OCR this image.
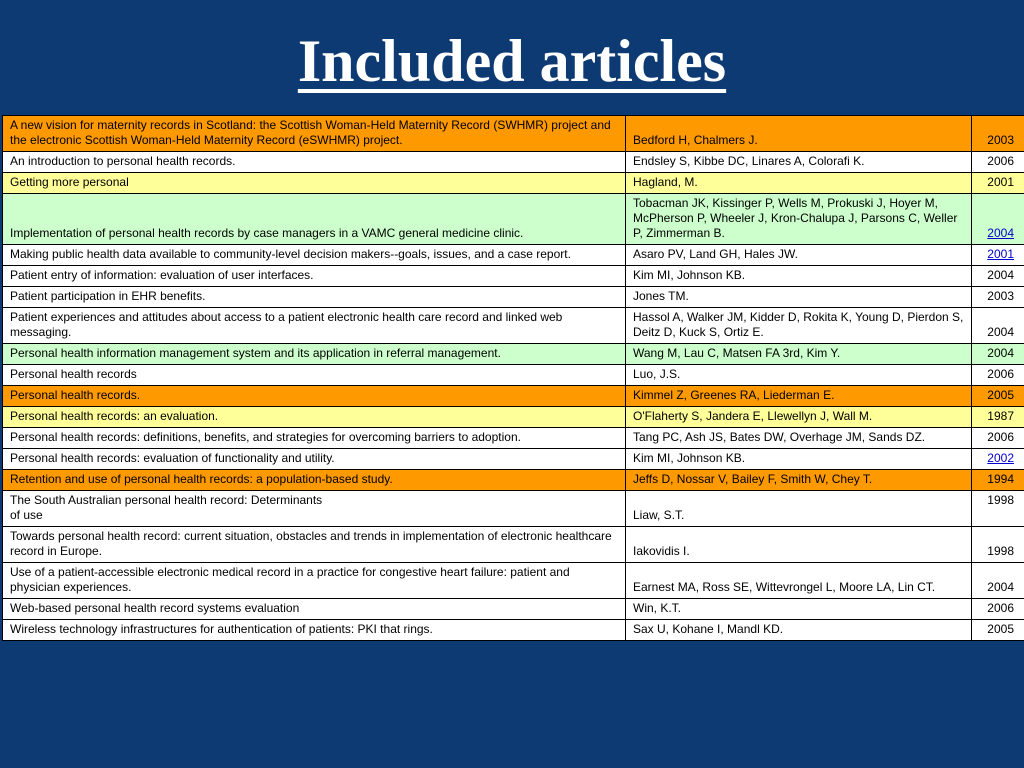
Included articles
A new vision for maternity records in Scotland: the Scottish Woman-Held Maternity Record (SWHMR) project and the electronic Scottish Woman-Held Maternity Record (eSWHMR) project.	Bedford H, Chalmers J.	2003
An introduction to personal health records.	Endsley S, Kibbe DC, Linares A, Colorafi K.	2006
Getting more personal	Hagland, M.	2001
Implementation of personal health records by case managers in a VAMC general medicine clinic.	Tobacman JK, Kissinger P, Wells M, Prokuski J, Hoyer M, McPherson P, Wheeler J, Kron-Chalupa J, Parsons C, Weller P, Zimmerman B.	2004
Making public health data available to community-level decision makers--goals, issues, and a case report.	Asaro PV, Land GH, Hales JW.	2001
Patient entry of information: evaluation of user interfaces.	Kim MI, Johnson KB.	2004
Patient participation in EHR benefits.	Jones TM.	2003
Patient experiences and attitudes about access to a patient electronic health care record and linked web messaging.	Hassol A, Walker JM, Kidder D, Rokita K, Young D, Pierdon S, Deitz D, Kuck S, Ortiz E.	2004
Personal health information management system and its application in referral management.	Wang M, Lau C, Matsen FA 3rd, Kim Y.	2004
Personal health records	Luo, J.S.	2006
Personal health records.	Kimmel Z, Greenes RA, Liederman E.	2005
Personal health records: an evaluation.	O'Flaherty S, Jandera E, Llewellyn J, Wall M.	1987
Personal health records: definitions, benefits, and strategies for overcoming barriers to adoption.	Tang PC, Ash JS, Bates DW, Overhage JM, Sands DZ.	2006
Personal health records: evaluation of functionality and utility.	Kim MI, Johnson KB.	2002
Retention and use of personal health records: a population-based study.	Jeffs D, Nossar V, Bailey F, Smith W, Chey T.	1994
The South Australian personal health record: Determinants
of use	Liaw, S.T.	1998
Towards personal health record: current situation, obstacles and trends in implementation of electronic healthcare record in Europe.	Iakovidis I.	1998
Use of a patient-accessible electronic medical record in a practice for congestive heart failure: patient and physician experiences.	Earnest MA, Ross SE, Wittevrongel L, Moore LA, Lin CT.	2004
Web-based personal health record systems evaluation	Win, K.T.	2006
Wireless technology infrastructures for authentication of patients: PKI that rings.	Sax U, Kohane I, Mandl KD.	2005
